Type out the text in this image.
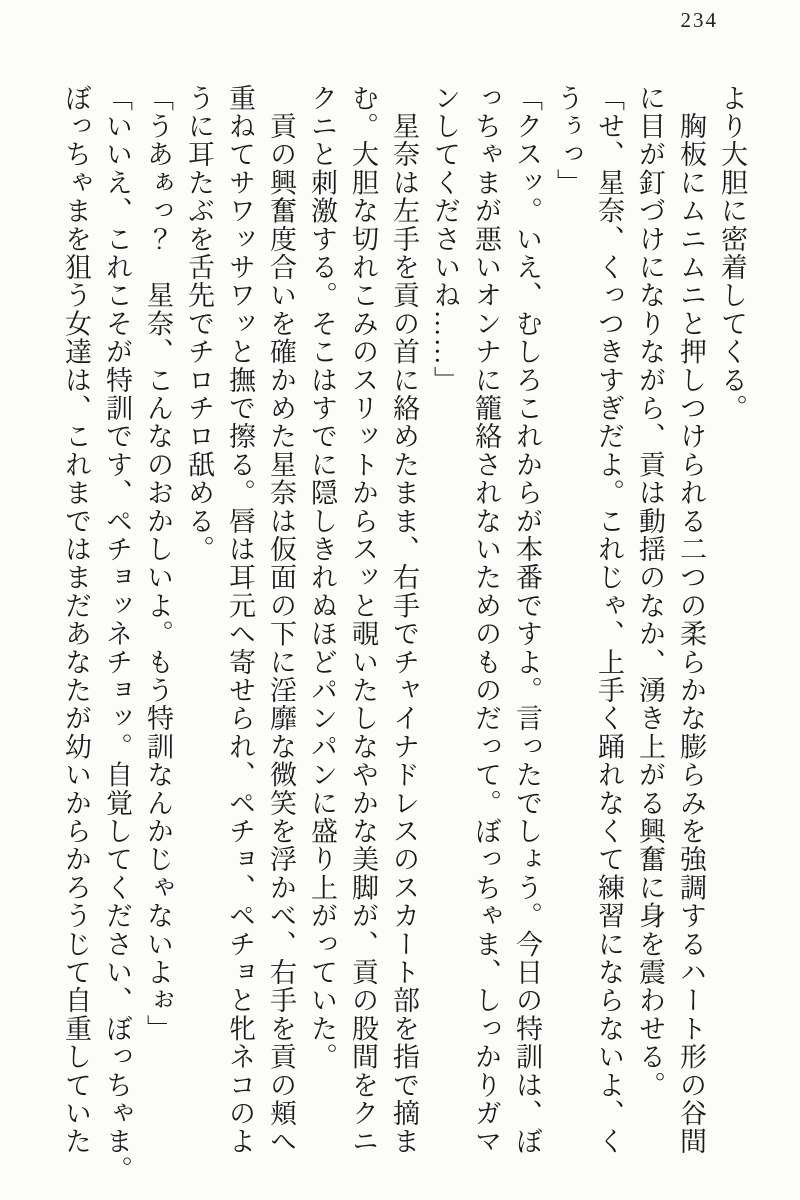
234
より大胆に密着してくる。
　胸板にムニムニと押しつけられる二つの柔らかな膨らみを強調するハート形の谷間
に目が釘づけになりながら、貢は動揺のなか、湧き上がる興奮に身を震わせる。
「せ、星奈、くっつきすぎだよ。これじゃ、上手く踊れなくて練習にならないよ、く
うぅっ」
「クスッ。いえ、むしろこれからが本番ですよ。言ったでしょう。今日の特訓は、ぼ
っちゃまが悪いオンナに籠絡されないためのものだって。ぼっちゃま、しっかりガマ
ンしてくださいね……」
　星奈は左手を貢の首に絡めたまま、右手でチャイナドレスのスカート部を指で摘ま
む。大胆な切れこみのスリットからスッと覗いたしなやかな美脚が、貢の股間をクニ
クニと刺激する。そこはすでに隠しきれぬほどパンパンに盛り上がっていた。
　貢の興奮度合いを確かめた星奈は仮面の下に淫靡な微笑を浮かべ、右手を貢の頬へ
重ねてサワッサワッと撫で擦る。唇は耳元へ寄せられ、ペチョ、ペチョと牝ネコのよ
うに耳たぶを舌先でチロチロ舐める。
「うあぁっ？　星奈、こんなのおかしいよ。もう特訓なんかじゃないよぉ」
「いいえ、これこそが特訓です、ペチョッネチョッ。自覚してください、ぼっちゃま。
ぼっちゃまを狙う女達は、これまではまだあなたが幼いからかろうじて自重していた
